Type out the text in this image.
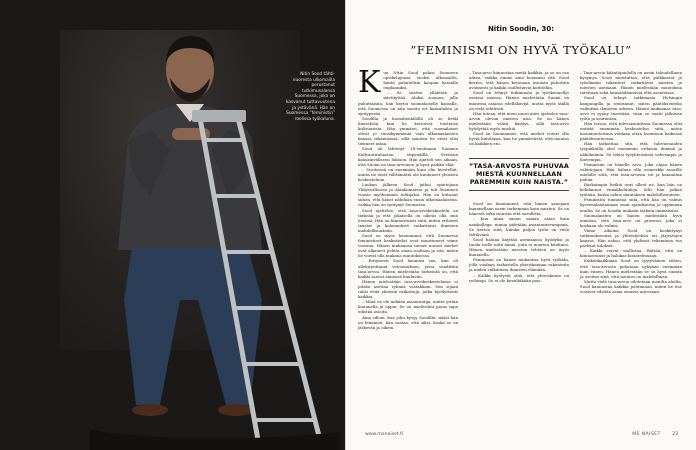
Nitin Sood tähti-nuoresta ulkomailla perustanut tutkimusalansa Suomessa, joka on kasvanut tuttavuutena ja ystävänä. Hän on Suomessa ”feministin” roolissa työkaluna.
Nitin Soodin, 30:
”FEMINISMI ON HYVÄ TYÖKALU”

Kun Nitin Sood palasi Suomeen opiskelujensa vuoksi ulkomailta, häntä puhuteltiin kaupan kassalla englanniksi.

– Se saattoi ylläättää ja mietityttää. Aluksi suomea, jolla puhuttaisiin, hän kertoi suomalaiselle kassalle, että Suomessa on niin monta eri kansalaista ja syntyperää.

Soodilla ja kassahenkilöllä oli se hetki ilmiselvää, kun he kertoivat toistensa kulttuurista. Hän ymmärsi, että suomalaiset olivat jo vuosikymmeniä vain ulkomaalaisten kanssa tekemisissä, sillä muuten he eivät olisi tienneet asiaa.

Sood oli lähtenyt 18-vuotiaana Suomen Kulttuurirahaston stipendillä Sveitsiin kansainväliseen lukioon. Hän ajatteli sen aikaan, että Suomi on tasa-arvoinen ja hyvä paikka elää.

– Sveitsissä on enemmän kuin olin kuvitellut, mutta ne eivät välttämättä ole kuuluneet yleiseen keskusteluun.

Luokan jälkeen Sood jatkoi opintojaan Yhdysvalloissa ja Alankomaissa ja tuli Suomeen vuosia myöhemmin tutkijaksi. Hän on tottunut siihen, että hänet nähdään ensin ulkomaalaisena, vaikka hän on syntynyt Suomessa.

Sood ajattelee, että tasa-arvokeskustelu on tärkeää ja että jokaisella on oikeus olla oma itsensä. Hän on kiinnostunut siitä, miten erilaiset taustat ja kokemukset vaikuttavat ihmisten mahdollisuuksiin.

Sood on myös huomannut, että Suomessa feministiset keskustelut ovat muuttuneet viime vuosina. Hänen mukaansa monet nuoret miehet ovat alkaneet pohtia omaa rooliaan ja sitä, miten he voivat olla mukana muutoksessa.

– Erityisesti Sood huomasi sen, kun oli allekirjoittanut vetoomuksen, jossa vaadittiin tasa-arvoa. Hänen mielestään tärkeintä on, että kaikki saavat äänensä kuuluviin.

Hänen mielestään tasa-arvokeskustelussa ei pitäisi asettaa ryhmiä vastakkain. Sen sijaan tulisi etsiä yhteisiä ratkaisuja, jotka hyödyttävät kaikkia.

– Minä en ole mikään asiantuntija, mutta yritän kuunnella ja oppia. Se on mielestäni paras tapa edistää asioita.

Aina silloin, kun joku kysyy Soodilta, miksi hän on feministi, hän vastaa, että siksi, koska se on järkevää ja oikein.

– Tasa-arvo kiinnostaa meitä kaikkia, ja se on osa arkea, vaikka emme aina huomaisi sitä. Sood kertoo, että hänen kotonaan asioista puhuttiin avoimesti ja kaikki osallistuivat kotitöihin.

Sood on tehnyt tutkimusta ja työskennellyt useissa maissa. Hänen mielestään Suomi on monessa asiassa edelläkävijä, mutta myös täällä on vielä tehtävää.

Hän toteaa, että moni nuori mies ajattelee tasa-arvon olevan naisten asia. Se on hänen mielestään väärä käsitys, sillä tasa-arvo hyödyttää myös miehiä.

Sood on huomannut, että miehet voivat olla hyviä liittolaisia, kun he ymmärtävät, että muutos on kaikkien etu.

”TASA-ARVOSTA PUHUVAA MIESTÄ KUUNNELLAAN PAREMMIN KUIN NAISTA.”

Sood on huomannut, että hänen sanojaan kuunnellaan usein tarkemmin kuin naisten. Se on hänestä sekä ironista että surullista.

– Kun minä sanon saman asian kuin naiskollega, minua pidetään asiantuntevampana. Se kertoo siitä, kuinka paljon työtä on vielä tehtävänä.

Sood haluaa käyttää asemaansa hyödyksi ja tuoda esille niitä ääniä, joita ei muuten kuultaisi. Hänen mielestään miesten tehtävä on myös kuunnella.

Feminismi on hänen mukaansa hyvä työkalu, jolla voidaan tarkastella yhteiskunnan rakenteita ja niiden vaikutusta ihmisten elämään.

– Kaikki hyötyvät siitä, että yhteiskunta on reilumpi. Se ei ole keneltäkään pois.

– Tasa-arvon kääntöpuolella on usein taloudellinen kysymys. Sood muistuttaa, että palkkaerot ja työelämän rakenteet vaikuttavat naisten ja miesten asemaan. Hänen mielestään muutoksia tarvitaan sekä lainsäädännössä että asenteissa.

Sood on tehnyt tutkimusta Helsingin kaupungilla ja seurannut, miten päätöksenteko vaikuttaa ihmisten arkeen. Hänen mukaansa tasa-arvo ei synny itsestään, vaan se vaatii jatkuvaa työtä ja seurantaa.

Hän toivoo, että tulevaisuudessa Suomessa olisi entistä enemmän keskustelua siitä, miten monimuotoisuus voidaan ottaa huomioon kaikessa päätöksenteossa.

Hän tarkoittaa sitä, että tulevaisuuden työpaikoilla olisi enemmän erilaisia ihmisiä ja näkökulmia. Se tekisi työyhteisöistä vahvempia ja luovempia.

Feminismi on hänelle arvo, joka ohjaa hänen valintojaan. Hän haluaa olla esimerkki nuorille miehille siitä, että tasa-arvosta voi ja kannattaa puhua.

Raskaimpia hetkiä ovat olleet ne, kun hän on kohdannut ennakkoluuloja. Silti hän jatkaa työtään, koska uskoo muutoksen mahdollisuuteen.

Feministin tunnistaa siitä, että hän on valmis kyseenalaistamaan omat ajatuksensa ja oppimaan muilta. Se on Soodin mukaan tärkein ominaisuus.

Suomalaisten on hänen mielestään hyvä muistaa, että tasa-arvo on prosessi, joka ei koskaan ole valmis.

Viime aikoina Sood on keskittynyt tutkimukseensa ja yhteistyöhön eri järjestöjen kanssa. Hän uskoo, että yhdessä tekeminen tuo parhaat tulokset.

– Kaikki voivat osallistua. Riittää, että on kiinnostunut ja halukas kuuntelemaan.

Kaikenkaikkiaan Sood on tyytyväinen siihen, että tasa-arvosta puhutaan nykyään enemmän kuin ennen. Hänen mielestään se on hyvä suunta ja osoitus siitä, että muutos on mahdollinen.

Mutta vielä tasa-arvoa odotetaan monilta aloilta. Sood kannustaa kaikkia pohtimaan, miten he itse voisivat edistää asiaa omassa arjessaan.

www.menaiset.fi	ME NAISET 23
